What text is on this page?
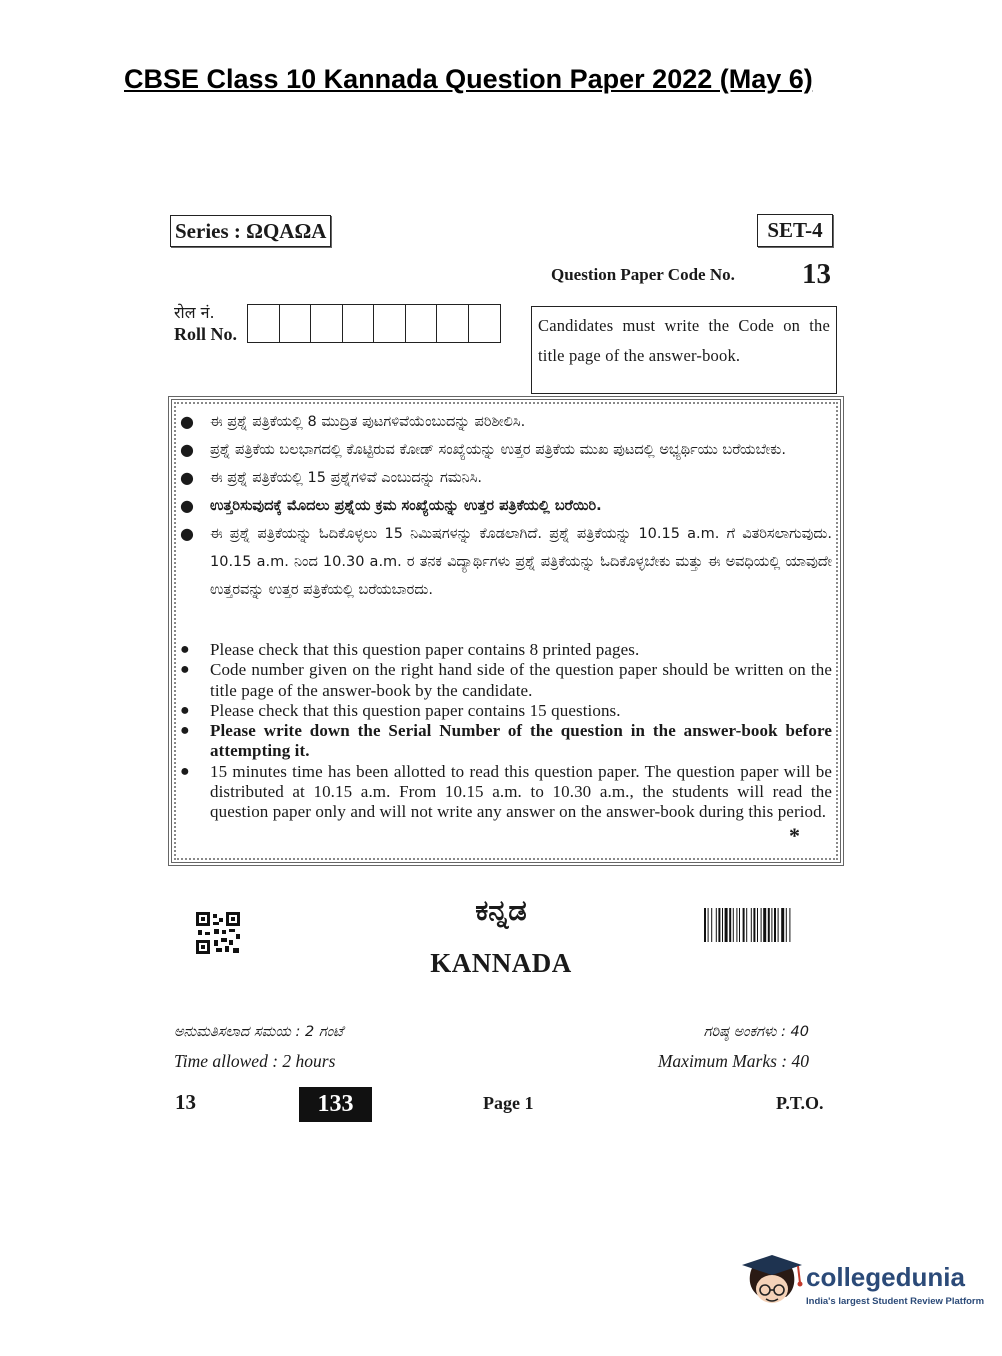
CBSE Class 10 Kannada Question Paper 2022 (May 6)
Series : ΩQAΩA	SET-4
Question Paper Code No. 13
रोल नं.
Roll No.	Candidates must write the Code on the title page of the answer-book.
● ಈ ಪ್ರಶ್ನೆ ಪತ್ರಿಕೆಯಲ್ಲಿ 8 ಮುದ್ರಿತ ಪುಟಗಳಿವೆಯೆಂಬುದನ್ನು ಪರಿಶೀಲಿಸಿ.
● ಪ್ರಶ್ನೆ ಪತ್ರಿಕೆಯ ಬಲಭಾಗದಲ್ಲಿ ಕೊಟ್ಟಿರುವ ಕೋಡ್ ಸಂಖ್ಯೆಯನ್ನು ಉತ್ತರ ಪತ್ರಿಕೆಯ ಮುಖ ಪುಟದಲ್ಲಿ ಅಭ್ಯರ್ಥಿಯು ಬರೆಯಬೇಕು.
● ಈ ಪ್ರಶ್ನೆ ಪತ್ರಿಕೆಯಲ್ಲಿ 15 ಪ್ರಶ್ನೆಗಳಿವೆ ಎಂಬುದನ್ನು ಗಮನಿಸಿ.
● ಉತ್ತರಿಸುವುದಕ್ಕೆ ಮೊದಲು ಪ್ರಶ್ನೆಯ ಕ್ರಮ ಸಂಖ್ಯೆಯನ್ನು ಉತ್ತರ ಪತ್ರಿಕೆಯಲ್ಲಿ ಬರೆಯಿರಿ.
● ಈ ಪ್ರಶ್ನೆ ಪತ್ರಿಕೆಯನ್ನು ಓದಿಕೊಳ್ಳಲು 15 ನಿಮಿಷಗಳನ್ನು ಕೊಡಲಾಗಿದೆ. ಪ್ರಶ್ನೆ ಪತ್ರಿಕೆಯನ್ನು 10.15 a.m. ಗೆ ವಿತರಿಸಲಾಗುವುದು. 10.15 a.m. ನಿಂದ 10.30 a.m. ರ ತನಕ ವಿದ್ಯಾರ್ಥಿಗಳು ಪ್ರಶ್ನೆ ಪತ್ರಿಕೆಯನ್ನು ಓದಿಕೊಳ್ಳಬೇಕು ಮತ್ತು ಈ ಅವಧಿಯಲ್ಲಿ ಯಾವುದೇ ಉತ್ತರವನ್ನು ಉತ್ತರ ಪತ್ರಿಕೆಯಲ್ಲಿ ಬರೆಯಬಾರದು.
● Please check that this question paper contains 8 printed pages.
● Code number given on the right hand side of the question paper should be written on the title page of the answer-book by the candidate.
● Please check that this question paper contains 15 questions.
● Please write down the Serial Number of the question in the answer-book before attempting it.
● 15 minutes time has been allotted to read this question paper. The question paper will be distributed at 10.15 a.m. From 10.15 a.m. to 10.30 a.m., the students will read the question paper only and will not write any answer on the answer-book during this period.
*
ಕನ್ನಡ
KANNADA
ಅನುಮತಿಸಲಾದ ಸಮಯ : 2 ಗಂಟೆ
Time allowed : 2 hours
ಗರಿಷ್ಠ ಅಂಕಗಳು : 40
Maximum Marks : 40
13	133	Page 1	P.T.O.
collegedunia
India's largest Student Review Platform
